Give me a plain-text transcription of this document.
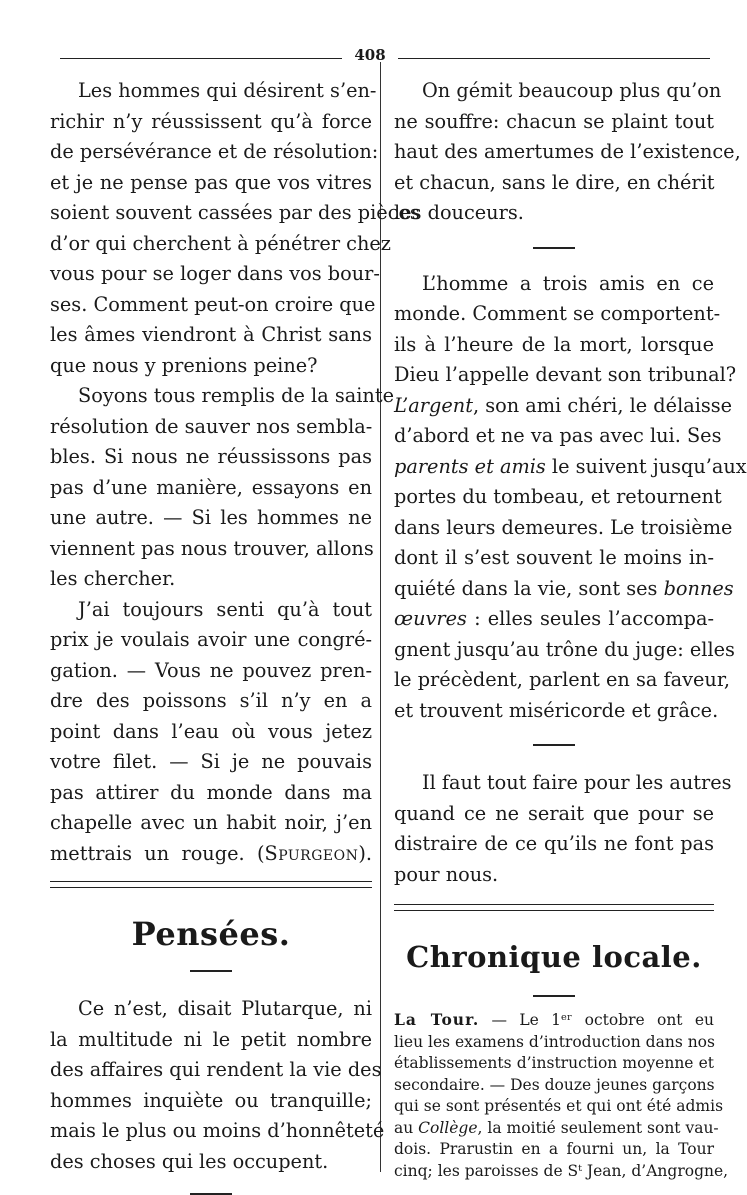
408
Les hommes qui désirent s’en-
richir n’y réussissent qu’à force
de persévérance et de résolution:
et je ne pense pas que vos vitres
soient souvent cassées par des pièces
d’or qui cherchent à pénétrer chez
vous pour se loger dans vos bour-
ses. Comment peut-on croire que
les âmes viendront à Christ sans
que nous y prenions peine?
Soyons tous remplis de la sainte
résolution de sauver nos sembla-
bles. Si nous ne réussissons pas
pas d’une manière, essayons en
une autre. — Si les hommes ne
viennent pas nous trouver, allons
les chercher.
J’ai toujours senti qu’à tout
prix je voulais avoir une congré-
gation. — Vous ne pouvez pren-
dre des poissons s’il n’y en a
point dans l’eau où vous jetez
votre filet. — Si je ne pouvais
pas attirer du monde dans ma
chapelle avec un habit noir, j’en
mettrais un rouge. (Spurgeon).
Pensées.
Ce n’est, disait Plutarque, ni
la multitude ni le petit nombre
des affaires qui rendent la vie des
hommes inquiète ou tranquille;
mais le plus ou moins d’honnêteté
des choses qui les occupent.
On gémit beaucoup plus qu’on
ne souffre: chacun se plaint tout
haut des amertumes de l’existence,
et chacun, sans le dire, en chérit
les douceurs.
L’homme a trois amis en ce
monde. Comment se comportent-
ils à l’heure de la mort, lorsque
Dieu l’appelle devant son tribunal?
L’argent, son ami chéri, le délaisse
d’abord et ne va pas avec lui. Ses
parents et amis le suivent jusqu’aux
portes du tombeau, et retournent
dans leurs demeures. Le troisième
dont il s’est souvent le moins in-
quiété dans la vie, sont ses bonnes
œuvres : elles seules l’accompa-
gnent jusqu’au trône du juge: elles
le précèdent, parlent en sa faveur,
et trouvent miséricorde et grâce.
Il faut tout faire pour les autres
quand ce ne serait que pour se
distraire de ce qu’ils ne font pas
pour nous.
Chronique locale.
La Tour. — Le 1ᵉʳ octobre ont eu
lieu les examens d’introduction dans nos
établissements d’instruction moyenne et
secondaire. — Des douze jeunes garçons
qui se sont présentés et qui ont été admis
au Collège, la moitié seulement sont vau-
dois. Prarustin en a fourni un, la Tour
cinq; les paroisses de Sᵗ Jean, d’Angrogne,
